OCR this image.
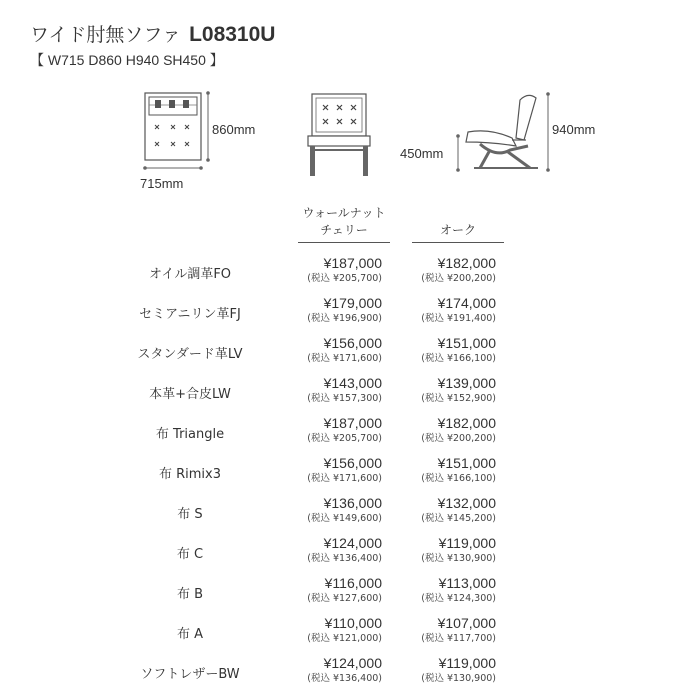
ワイド肘無ソファ L08310U
【 W715 D860 H940 SH450 】
860mm
715mm
450mm
940mm
ウォールナット
チェリー	オーク
オイル調革FO
¥187,000
(税込 ¥205,700)
¥182,000
(税込 ¥200,200)
セミアニリン革FJ
¥179,000
(税込 ¥196,900)
¥174,000
(税込 ¥191,400)
スタンダード革LV
¥156,000
(税込 ¥171,600)
¥151,000
(税込 ¥166,100)
本革+合皮LW
¥143,000
(税込 ¥157,300)
¥139,000
(税込 ¥152,900)
布 Triangle
¥187,000
(税込 ¥205,700)
¥182,000
(税込 ¥200,200)
布 Rimix3
¥156,000
(税込 ¥171,600)
¥151,000
(税込 ¥166,100)
布 S
¥136,000
(税込 ¥149,600)
¥132,000
(税込 ¥145,200)
布 C
¥124,000
(税込 ¥136,400)
¥119,000
(税込 ¥130,900)
布 B
¥116,000
(税込 ¥127,600)
¥113,000
(税込 ¥124,300)
布 A
¥110,000
(税込 ¥121,000)
¥107,000
(税込 ¥117,700)
ソフトレザーBW
¥124,000
(税込 ¥136,400)
¥119,000
(税込 ¥130,900)
